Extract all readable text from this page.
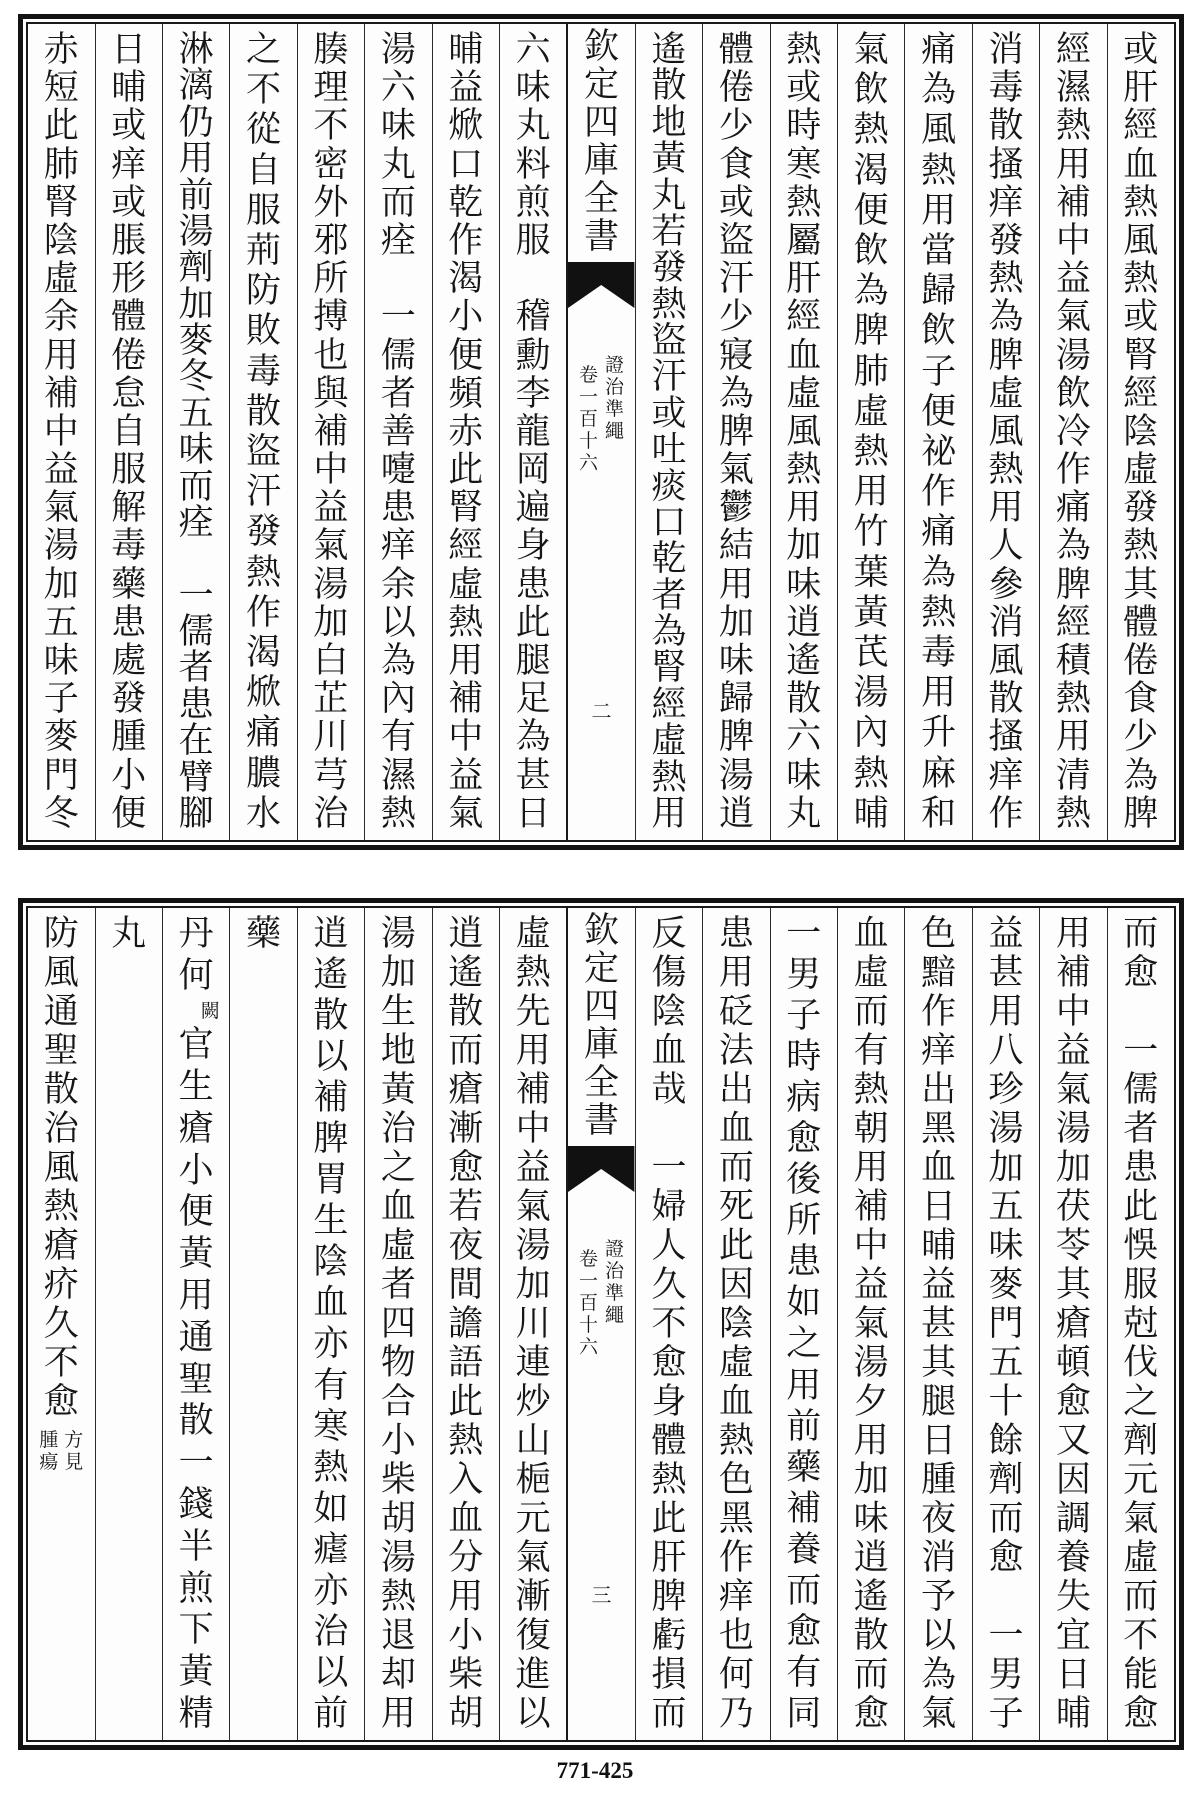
或
肝
經
血
熱
風
熱
或
腎
經
陰
虛
發
熱
其
體
倦
食
少
為
脾
經
濕
熱
用
補
中
益
氣
湯
飲
冷
作
痛
為
脾
經
積
熱
用
清
熱
消
毒
散
搔
痒
發
熱
為
脾
虛
風
熱
用
人
參
消
風
散
搔
痒
作
痛
為
風
熱
用
當
歸
飲
子
便
祕
作
痛
為
熱
毒
用
升
麻
和
氣
飲
熱
渴
便
飲
為
脾
肺
虛
熱
用
竹
葉
黃
芪
湯
內
熱
晡
熱
或
時
寒
熱
屬
肝
經
血
虛
風
熱
用
加
味
逍
遙
散
六
味
丸
體
倦
少
食
或
盜
汗
少
寢
為
脾
氣
鬱
結
用
加
味
歸
脾
湯
逍
遙
散
地
黃
丸
若
發
熱
盜
汗
或
吐
痰
口
乾
者
為
腎
經
虛
熱
用
欽
定
四
庫
全
書
證
治
準
繩
卷
一
百
十
六
二
六
味
丸
料
煎
服

稽
勳
李
龍
岡
遍
身
患
此
腿
足
為
甚
日
晡
益
焮
口
乾
作
渴
小
便
頻
赤
此
腎
經
虛
熱
用
補
中
益
氣
湯
六
味
丸
而
痊

一
儒
者
善
嚏
患
痒
余
以
為
內
有
濕
熱
腠
理
不
密
外
邪
所
搏
也
與
補
中
益
氣
湯
加
白
芷
川
芎
治
之
不
從
自
服
荊
防
敗
毒
散
盜
汗
發
熱
作
渴
焮
痛
膿
水
淋
漓
仍
用
前
湯
劑
加
麥
冬
五
味
而
痊

一
儒
者
患
在
臂
腳
日
晡
或
痒
或
脹
形
體
倦
怠
自
服
解
毒
藥
患
處
發
腫
小
便
赤
短
此
肺
腎
陰
虛
余
用
補
中
益
氣
湯
加
五
味
子
麥
門
冬
而
愈

一
儒
者
患
此
悞
服
尅
伐
之
劑
元
氣
虛
而
不
能
愈
用
補
中
益
氣
湯
加
茯
苓
其
瘡
頓
愈
又
因
調
養
失
宜
日
晡
益
甚
用
八
珍
湯
加
五
味
麥
門
五
十
餘
劑
而
愈

一
男
子
色
黯
作
痒
出
黑
血
日
晡
益
甚
其
腿
日
腫
夜
消
予
以
為
氣
血
虛
而
有
熱
朝
用
補
中
益
氣
湯
夕
用
加
味
逍
遙
散
而
愈
一
男
子
時
病
愈
後
所
患
如
之
用
前
藥
補
養
而
愈
有
同
患
用
砭
法
出
血
而
死
此
因
陰
虛
血
熱
色
黑
作
痒
也
何
乃
反
傷
陰
血
哉

一
婦
人
久
不
愈
身
體
熱
此
肝
脾
虧
損
而
欽
定
四
庫
全
書
證
治
準
繩
卷
一
百
十
六
三
虛
熱
先
用
補
中
益
氣
湯
加
川
連
炒
山
梔
元
氣
漸
復
進
以
逍
遙
散
而
瘡
漸
愈
若
夜
間
譫
語
此
熱
入
血
分
用
小
柴
胡
湯
加
生
地
黃
治
之
血
虛
者
四
物
合
小
柴
胡
湯
熱
退
却
用
逍
遙
散
以
補
脾
胃
生
陰
血
亦
有
寒
熱
如
瘧
亦
治
以
前
藥
丹
何
闕
官
生
瘡
小
便
黃
用
通
聖
散
一
錢
半
煎
下
黃
精
丸
防
風
通
聖
散
治
風
熱
瘡
疥
久
不
愈
方
見
腫
瘍
771-425
